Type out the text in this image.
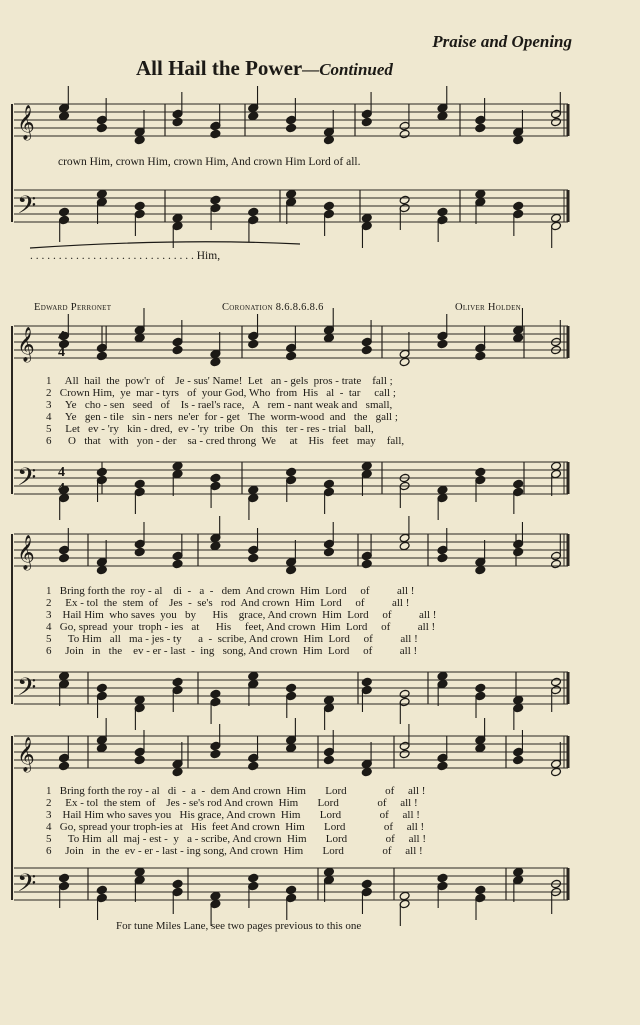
Praise and Opening
All Hail the Power—Continued
𝄞
𝄢
𝄞
𝄢
𝄞
𝄢
𝄞
𝄢
4
4
4
4
crown Him, crown Him, crown Him, And crown Him Lord of all.
. . . . . . . . . . . . . . . . . . . . . . . . . . . . . Him,
Edward Perronet	Coronation 8.6.8.6.8.6	Oliver Holden
1     All  hail  the  pow'r  of    Je - sus' Name!  Let   an - gels  pros - trate    fall ;
2   Crown Him,  ye  mar - tyrs   of  your God, Who  from  His   al  -  tar     call ;
3     Ye   cho - sen   seed   of    Is - rael's race,   A   rem - nant weak and   small,
4     Ye   gen - tile   sin - ners  ne'er  for - get   The  worm-wood  and   the   gall ;
5     Let   ev - 'ry   kin - dred,  ev - 'ry  tribe  On   this   ter - res - trial   ball,
6      O   that   with   yon - der    sa - cred throng  We     at    His   feet   may    fall,
1   Bring forth the  roy - al    di  -   a  -   dem  And crown  Him  Lord     of          all !
2     Ex - tol  the  stem  of    Jes  -  se's   rod  And crown  Him  Lord     of          all !
3    Hail Him  who saves  you   by      His    grace, And crown  Him  Lord     of          all !
4   Go, spread  your  troph - ies   at      His     feet, And crown  Him  Lord     of          all !
5      To Him   all   ma - jes - ty      a  -  scribe, And crown  Him  Lord     of          all !
6     Join   in   the    ev - er - last  -  ing   song, And crown  Him  Lord     of          all !
1   Bring forth the roy - al   di  -  a  -  dem And crown  Him       Lord              of     all !
2     Ex - tol  the stem  of    Jes - se's rod And crown  Him       Lord              of     all !
3    Hail Him who saves you   His grace, And crown  Him       Lord              of     all !
4   Go, spread your troph-ies at   His  feet And crown  Him       Lord              of     all !
5      To Him  all  maj - est -  y   a - scribe, And crown  Him       Lord              of     all !
6     Join   in  the  ev - er - last - ing song, And crown  Him       Lord              of     all !
For tune Miles Lane, see two pages previous to this one
